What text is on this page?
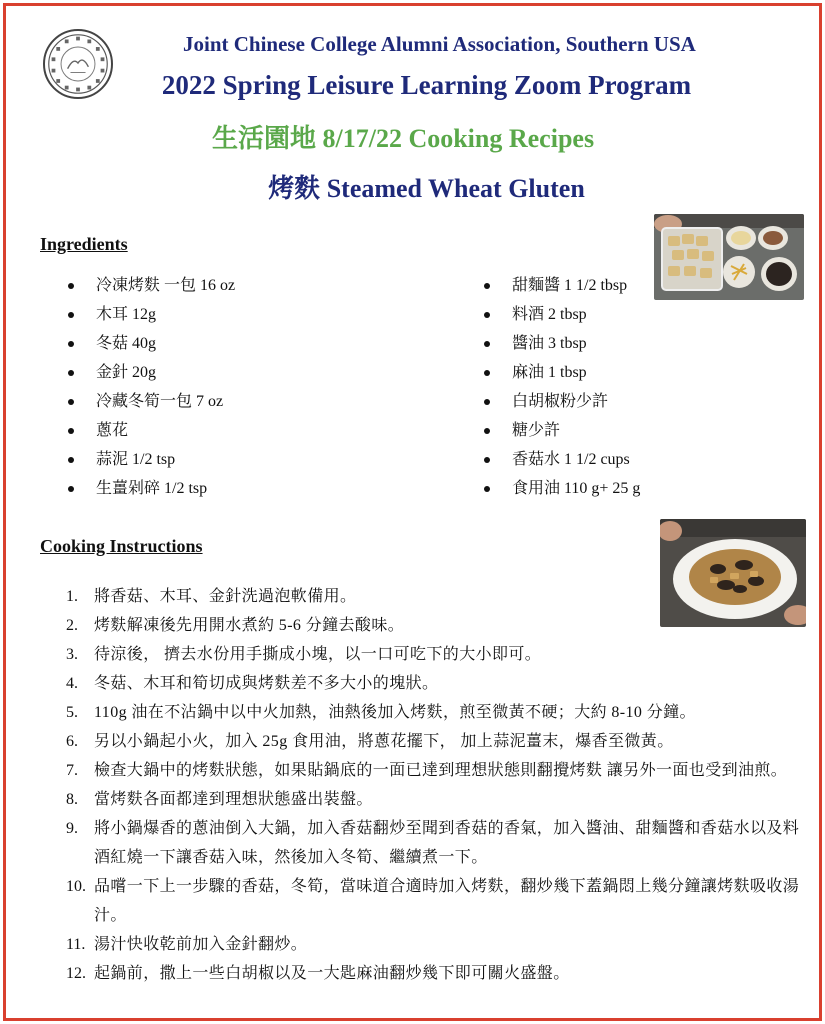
Joint Chinese College Alumni Association, Southern USA
2022 Spring Leisure Learning Zoom Program
生活園地 8/17/22 Cooking Recipes
烤麩 Steamed Wheat Gluten
Ingredients
冷凍烤麩 一包 16 oz
木耳 12g
冬菇 40g
金針 20g
冷藏冬筍一包 7 oz
蔥花
蒜泥 1/2 tsp
生薑剁碎 1/2 tsp
甜麵醬 1 1/2 tbsp
料酒 2 tbsp
醬油 3 tbsp
麻油 1 tbsp
白胡椒粉少許
糖少許
香菇水 1 1/2 cups
食用油 110 g+ 25 g
Cooking Instructions
1.	將香菇、木耳、金針洗過泡軟備用。
2.	烤麩解凍後先用開水煮約 5-6 分鐘去酸味。
3.	待涼後， 擠去水份用手撕成小塊，以一口可吃下的大小即可。
4.	冬菇、木耳和筍切成與烤麩差不多大小的塊狀。
5.	110g 油在不沾鍋中以中火加熱，油熱後加入烤麩，煎至微黃不硬；大約 8-10 分鐘。
6.	另以小鍋起小火，加入 25g 食用油，將蔥花擺下， 加上蒜泥薑末，爆香至微黃。
7.	檢查大鍋中的烤麩狀態，如果貼鍋底的一面已達到理想狀態則翻攪烤麩 讓另外一面也受到油煎。
8.	當烤麩各面都達到理想狀態盛出裝盤。
9.	將小鍋爆香的蔥油倒入大鍋，加入香菇翻炒至聞到香菇的香氣，加入醬油、甜麵醬和香菇水以及料酒紅燒一下讓香菇入味，然後加入冬筍、繼續煮一下。
10. 品嚐一下上一步驟的香菇，冬筍，當味道合適時加入烤麩，翻炒幾下蓋鍋悶上幾分鐘讓烤麩吸收湯汁。
11. 湯汁快收乾前加入金針翻炒。
12. 起鍋前，撒上一些白胡椒以及一大匙麻油翻炒幾下即可關火盛盤。
